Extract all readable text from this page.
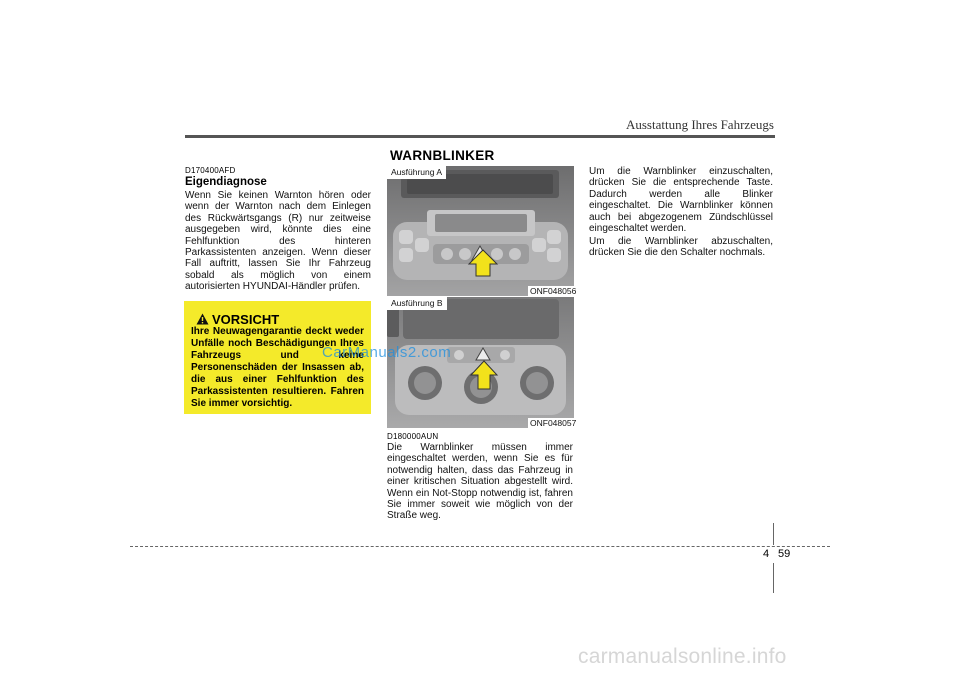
Ausstattung Ihres Fahrzeugs
D170400AFD
Eigendiagnose
Wenn Sie keinen Warnton hören oder wenn der Warnton nach dem Einlegen des Rückwärtsgangs (R) nur zeitweise ausgegeben wird, könnte dies eine Fehlfunktion des hinteren Parkassistenten anzeigen. Wenn dieser Fall auftritt, lassen Sie Ihr Fahrzeug sobald als möglich von einem autorisierten HYUNDAI-Händler prüfen.
VORSICHT
Ihre Neuwagengarantie deckt weder Unfälle noch Beschädigungen Ihres Fahrzeugs und keine Personenschäden der Insassen ab, die aus einer Fehlfunktion des Parkassistenten resultieren. Fahren Sie immer vorsichtig.
WARNBLINKER
Ausführung A
ONF048056
Ausführung B
ONF048057
D180000AUN
Die Warnblinker müssen immer eingeschaltet werden, wenn Sie es für notwendig halten, dass das Fahrzeug in einer kritischen Situation abgestellt wird. Wenn ein Not-Stopp notwendig ist, fahren Sie immer soweit wie möglich von der Straße weg.
Um die Warnblinker einzuschalten, drücken Sie die entsprechende Taste. Dadurch werden alle Blinker eingeschaltet. Die Warnblinker können auch bei abgezogenem Zündschlüssel eingeschaltet werden.
Um die Warnblinker abzuschalten, drücken Sie die den Schalter nochmals.
CarManuals2.com
4 59
carmanualsonline.info
